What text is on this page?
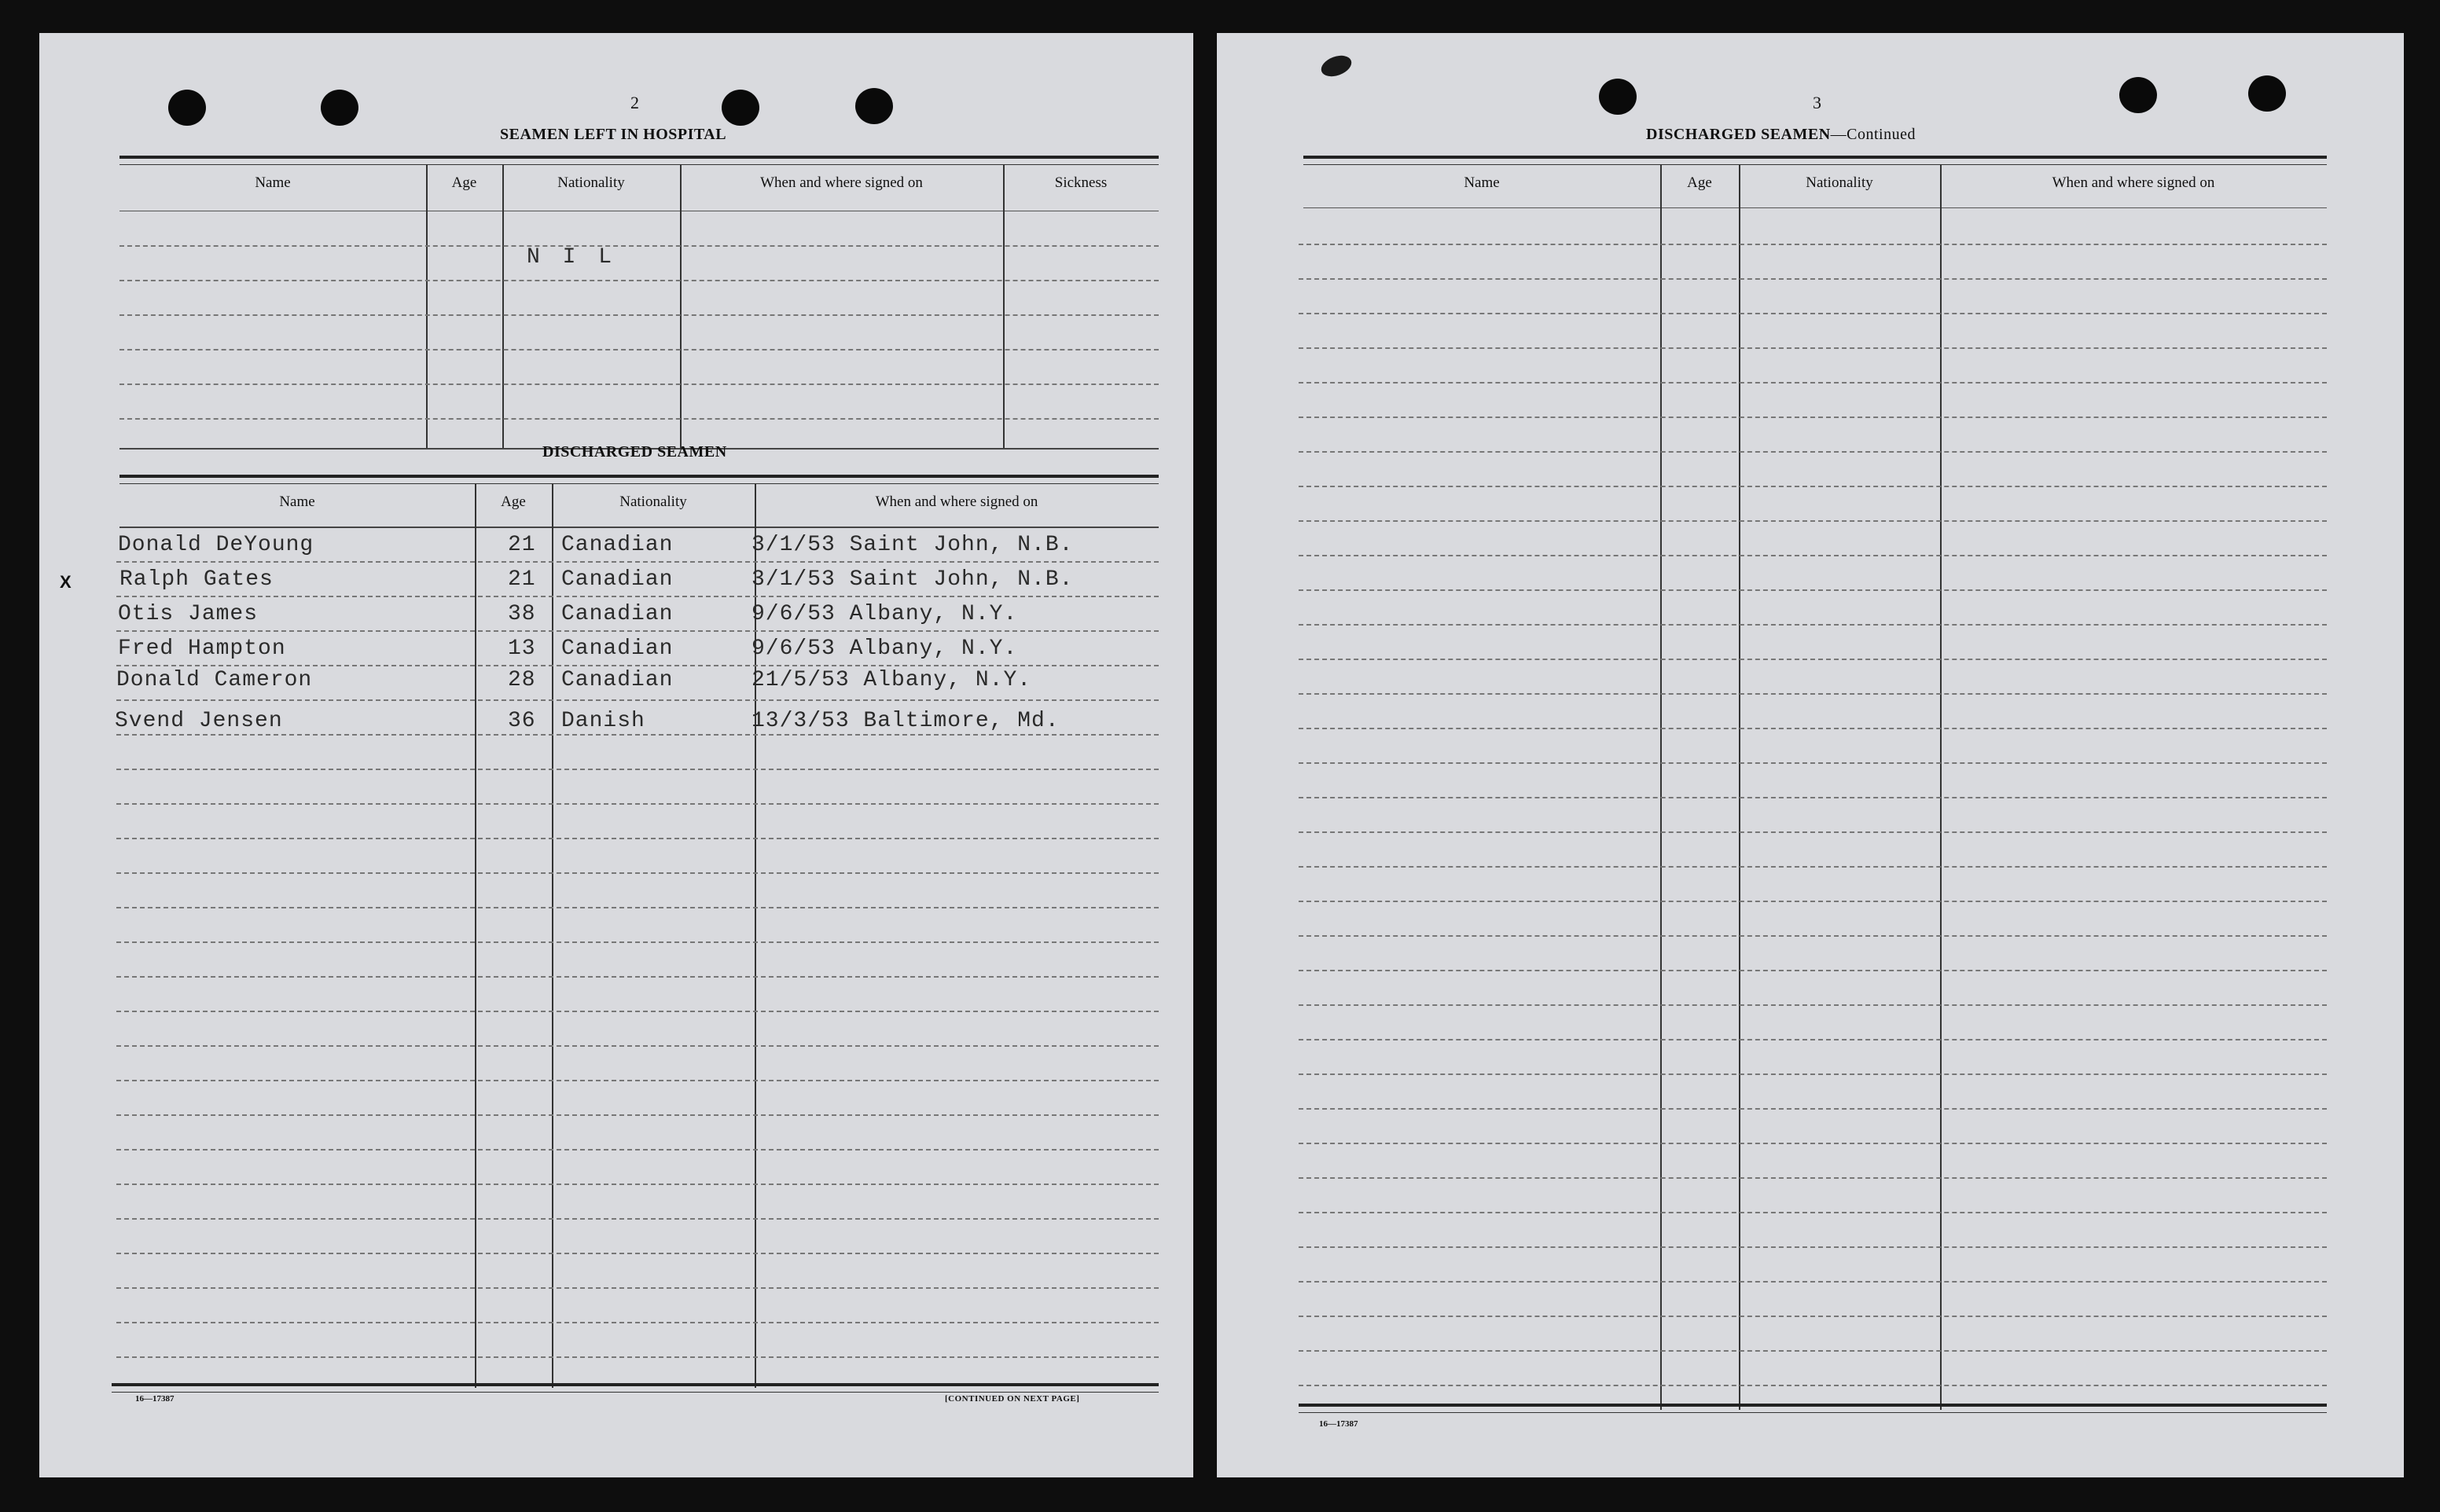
2
SEAMEN LEFT IN HOSPITAL
Name	Age	Nationality	When and where signed on	Sickness
N I L
DISCHARGED SEAMEN
Name	Age	Nationality	When and where signed on
Donald DeYoung	21 Canadian	3/1/53 Saint John, N.B.
Ralph Gates	21 Canadian	3/1/53 Saint John, N.B.
Otis James	38 Canadian	9/6/53 Albany, N.Y.
Fred Hampton	13 Canadian	9/6/53 Albany, N.Y.
Donald Cameron	28 Canadian	21/5/53 Albany, N.Y.
Svend Jensen	36 Danish	13/3/53 Baltimore, Md.
16—17387	[CONTINUED ON NEXT PAGE]
X
3
DISCHARGED SEAMEN—Continued
Name	Age	Nationality	When and where signed on
16—17387
